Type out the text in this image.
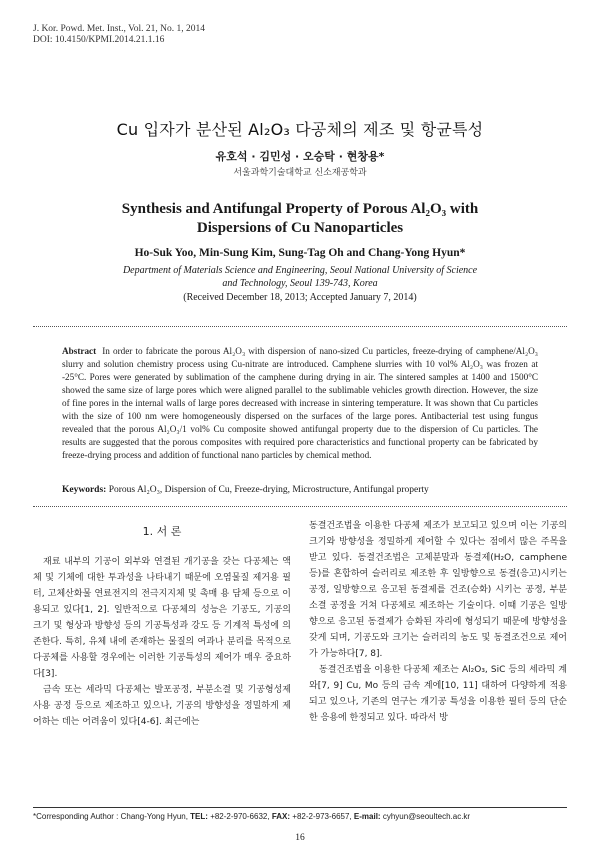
J. Kor. Powd. Met. Inst., Vol. 21, No. 1, 2014
DOI: 10.4150/KPMI.2014.21.1.16
Cu 입자가 분산된 Al₂O₃ 다공체의 제조 및 항균특성
유호석 · 김민성 · 오승탁 · 현창용*
서울과학기술대학교 신소재공학과
Synthesis and Antifungal Property of Porous Al₂O₃ with
Dispersions of Cu Nanoparticles
Ho-Suk Yoo, Min-Sung Kim, Sung-Tag Oh and Chang-Yong Hyun*
Department of Materials Science and Engineering, Seoul National University of Science
and Technology, Seoul 139-743, Korea
(Received December 18, 2013; Accepted January 7, 2014)
Abstract In order to fabricate the porous Al₂O₃ with dispersion of nano-sized Cu particles, freeze-drying of camphene/Al₂O₃ slurry and solution chemistry process using Cu-nitrate are introduced. Camphene slurries with 10 vol% Al₂O₃ was frozen at -25°C. Pores were generated by sublimation of the camphene during drying in air. The sintered samples at 1400 and 1500°C showed the same size of large pores which were aligned parallel to the sublimable vehicles growth direction. However, the size of fine pores in the internal walls of large pores decreased with increase in sintering temperature. It was shown that Cu particles with the size of 100 nm were homogeneously dispersed on the surfaces of the large pores. Antibacterial test using fungus revealed that the porous Al₂O₃/1 vol% Cu composite showed antifungal property due to the dispersion of Cu particles. The results are suggested that the porous composites with required pore characteristics and functional property can be fabricated by freeze-drying process and addition of functional nano particles by chemical method.
Keywords: Porous Al₂O₃, Dispersion of Cu, Freeze-drying, Microstructure, Antifungal property
1. 서 론

재료 내부의 기공이 외부와 연결된 개기공을 갖는 다공체는 액체 및 기체에 대한 투과성을 나타내기 때문에 오염물질 제거용 필터, 고체산화물 연료전지의 전극지지체 및 촉매 용 담체 등으로 이용되고 있다[1, 2]. 일반적으로 다공체의 성능은 기공도, 기공의 크기 및 형상과 방향성 등의 기공특성과 강도 등 기계적 특성에 의존한다. 특히, 유체 내에 존재하는 물질의 여과나 분리를 목적으로 다공체를 사용할 경우에는 이러한 기공특성의 제어가 매우 중요하다[3].

금속 또는 세라믹 다공체는 발포공정, 부분소결 및 기공형성제 사용 공정 등으로 제조하고 있으나, 기공의 방향성을 정밀하게 제어하는 데는 어려움이 있다[4-6]. 최근에는

동결건조법을 이용한 다공체 제조가 보고되고 있으며 이는 기공의 크기와 방향성을 정밀하게 제어할 수 있다는 점에서 많은 주목을 받고 있다. 동결건조법은 고체분말과 동결제(H₂O, camphene 등)를 혼합하여 슬러리로 제조한 후 일방향으로 동결(응고)시키는 공정, 일방향으로 응고된 동결제를 건조(승화) 시키는 공정, 부분소결 공정을 거쳐 다공체로 제조하는 기술이다. 이때 기공은 일방향으로 응고된 동결제가 승화된 자리에 형성되기 때문에 방향성을 갖게 되며, 기공도와 크기는 슬러리의 농도 및 동결조건으로 제어가 가능하다[7, 8].

동결건조법을 이용한 다공체 제조는 Al₂O₃, SiC 등의 세라믹 계와[7, 9] Cu, Mo 등의 금속 계에[10, 11] 대하여 다양하게 적용되고 있으나, 기존의 연구는 개기공 특성을 이용한 필터 등의 단순한 응용에 한정되고 있다. 따라서 방

*Corresponding Author : Chang-Yong Hyun, TEL: +82-2-970-6632, FAX: +82-2-973-6657, E-mail: cyhyun@seoultech.ac.kr
16
